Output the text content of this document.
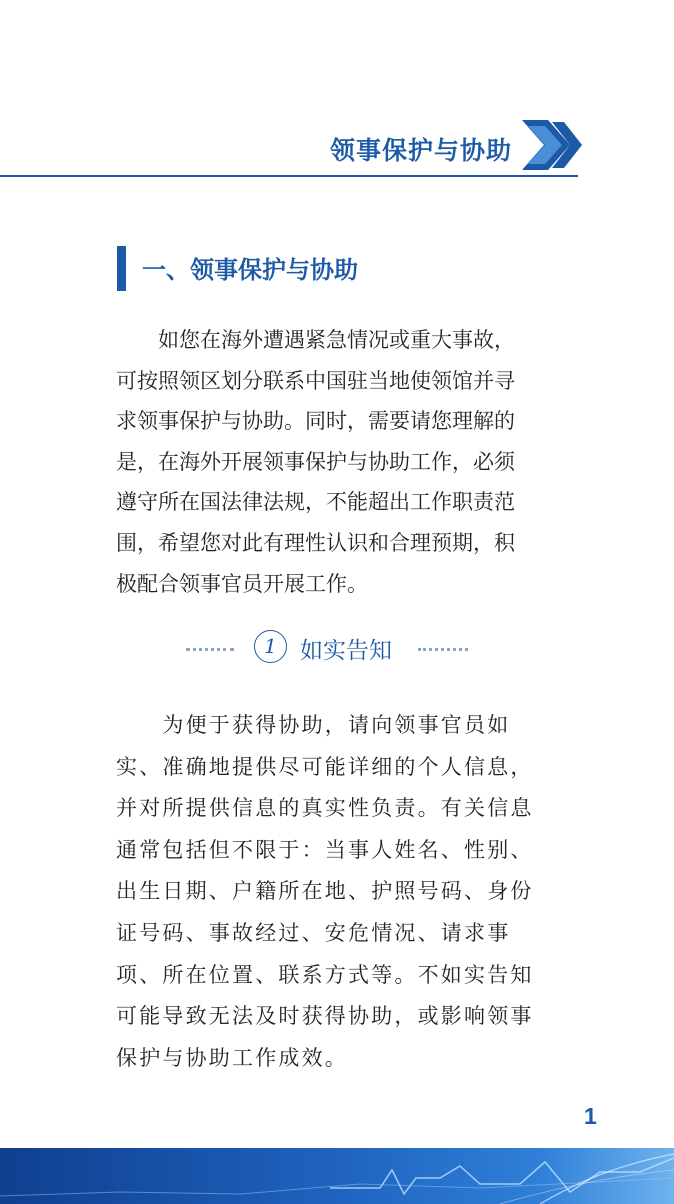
领事保护与协助
一、领事保护与协助
　　如您在海外遭遇紧急情况或重大事故，
可按照领区划分联系中国驻当地使领馆并寻
求领事保护与协助。同时，需要请您理解的
是，在海外开展领事保护与协助工作，必须
遵守所在国法律法规，不能超出工作职责范
围，希望您对此有理性认识和合理预期，积
极配合领事官员开展工作。
1	如实告知
　　为便于获得协助，请向领事官员如
实、准确地提供尽可能详细的个人信息，
并对所提供信息的真实性负责。有关信息
通常包括但不限于：当事人姓名、性别、
出生日期、户籍所在地、护照号码、身份
证号码、事故经过、安危情况、请求事
项、所在位置、联系方式等。不如实告知
可能导致无法及时获得协助，或影响领事
保护与协助工作成效。
1
